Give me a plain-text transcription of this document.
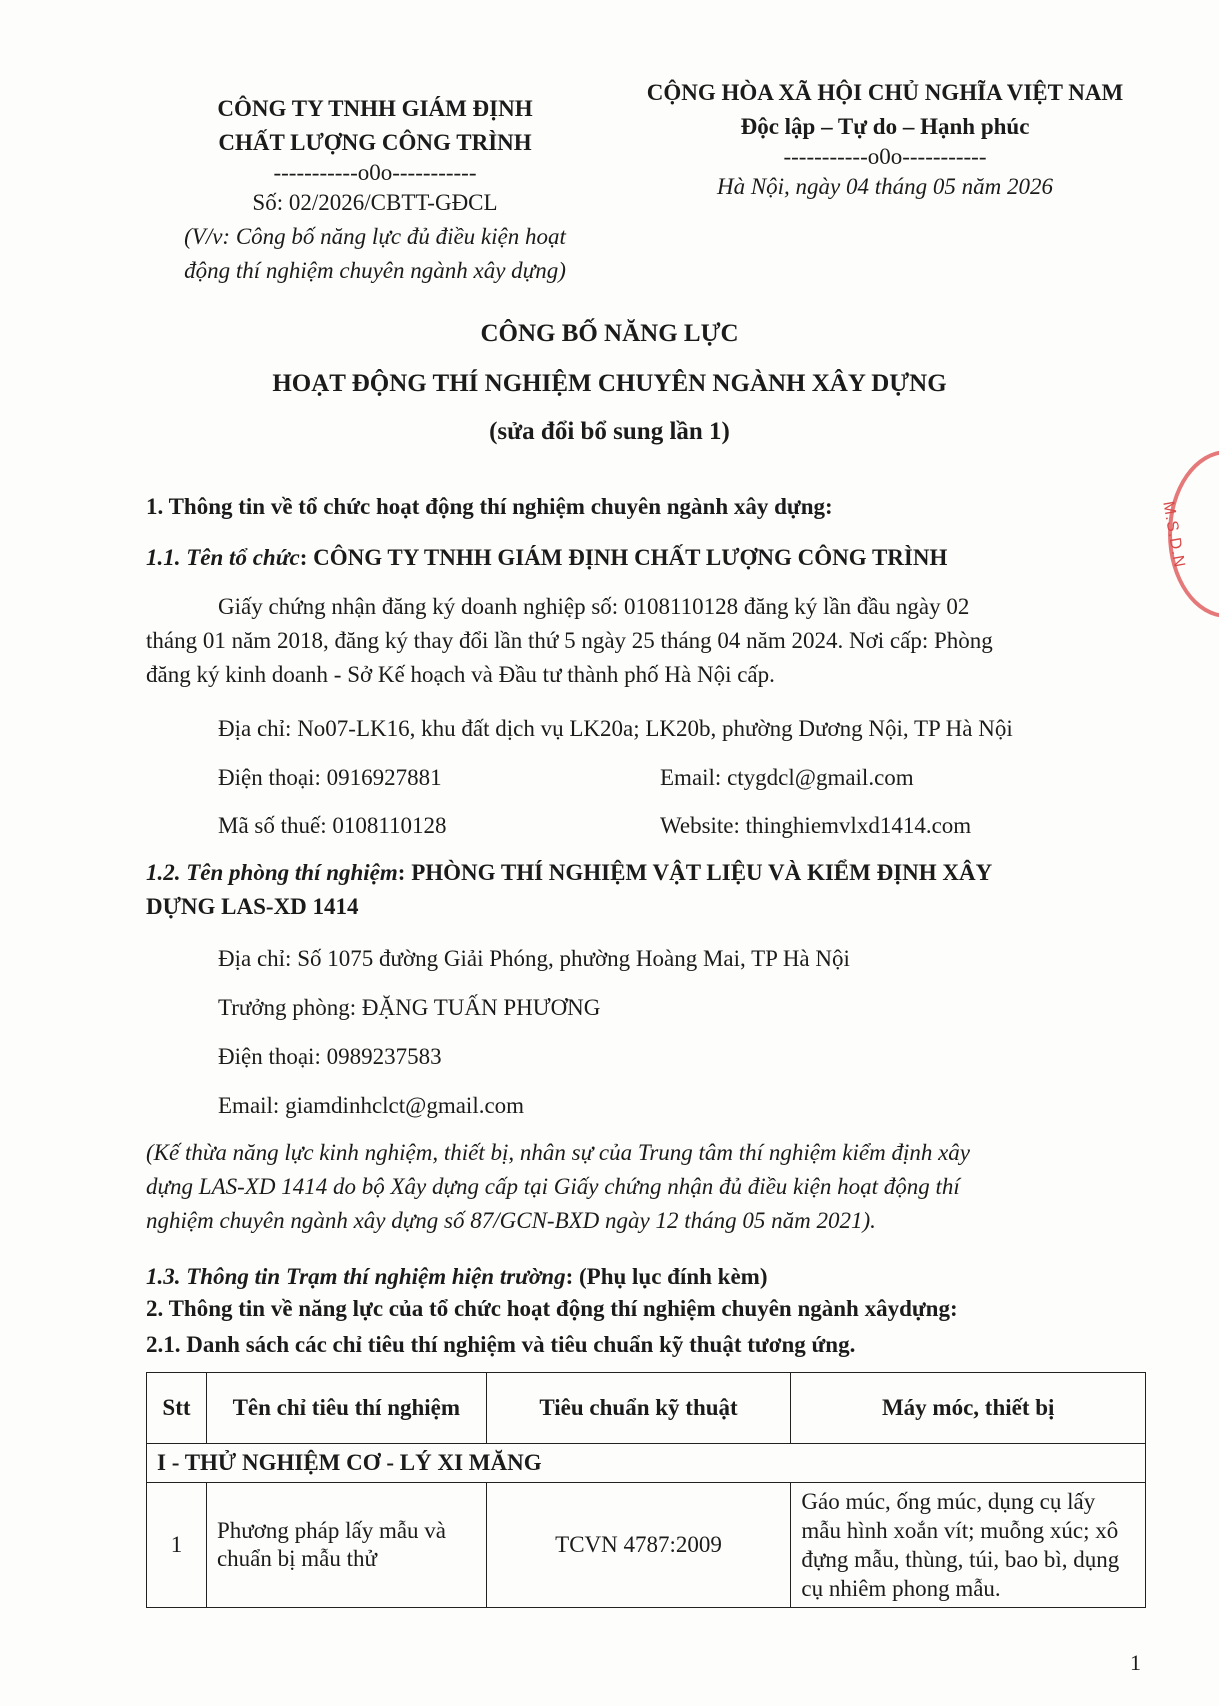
CÔNG TY TNHH GIÁM ĐỊNH
CHẤT LƯỢNG CÔNG TRÌNH
-----------o0o-----------
Số: 02/2026/CBTT-GĐCL
(V/v: Công bố năng lực đủ điều kiện hoạt
động thí nghiệm chuyên ngành xây dựng)
CỘNG HÒA XÃ HỘI CHỦ NGHĨA VIỆT NAM
Độc lập – Tự do – Hạnh phúc
-----------o0o-----------
Hà Nội, ngày 04 tháng 05 năm 2026
CÔNG BỐ NĂNG LỰC
HOẠT ĐỘNG THÍ NGHIỆM CHUYÊN NGÀNH XÂY DỰNG
(sửa đổi bổ sung lần 1)
1. Thông tin về tổ chức hoạt động thí nghiệm chuyên ngành xây dựng:
1.1. Tên tổ chức: CÔNG TY TNHH GIÁM ĐỊNH CHẤT LƯỢNG CÔNG TRÌNH
Giấy chứng nhận đăng ký doanh nghiệp số: 0108110128 đăng ký lần đầu ngày 02
tháng 01 năm 2018, đăng ký thay đổi lần thứ 5 ngày 25 tháng 04 năm 2024. Nơi cấp: Phòng
đăng ký kinh doanh - Sở Kế hoạch và Đầu tư thành phố Hà Nội cấp.
Địa chỉ: No07-LK16, khu đất dịch vụ LK20a; LK20b, phường Dương Nội, TP Hà Nội
Điện thoại: 0916927881	Email: ctygdcl@gmail.com
Mã số thuế: 0108110128	Website: thinghiemvlxd1414.com
1.2. Tên phòng thí nghiệm: PHÒNG THÍ NGHIỆM VẬT LIỆU VÀ KIỂM ĐỊNH XÂY
DỰNG LAS-XD 1414
Địa chỉ: Số 1075 đường Giải Phóng, phường Hoàng Mai, TP Hà Nội
Trưởng phòng: ĐẶNG TUẤN PHƯƠNG
Điện thoại: 0989237583
Email: giamdinhclct@gmail.com
(Kế thừa năng lực kinh nghiệm, thiết bị, nhân sự của Trung tâm thí nghiệm kiểm định xây
dựng LAS-XD 1414 do bộ Xây dựng cấp tại Giấy chứng nhận đủ điều kiện hoạt động thí
nghiệm chuyên ngành xây dựng số 87/GCN-BXD ngày 12 tháng 05 năm 2021).
1.3. Thông tin Trạm thí nghiệm hiện trường: (Phụ lục đính kèm)
2. Thông tin về năng lực của tổ chức hoạt động thí nghiệm chuyên ngành xâydựng:
2.1. Danh sách các chỉ tiêu thí nghiệm và tiêu chuẩn kỹ thuật tương ứng.
Stt	Tên chỉ tiêu thí nghiệm	Tiêu chuẩn kỹ thuật	Máy móc, thiết bị
I - THỬ NGHIỆM CƠ - LÝ XI MĂNG			
1	Phương pháp lấy mẫu và chuẩn bị mẫu thử	TCVN 4787:2009	Gáo múc, ống múc, dụng cụ lấy mẫu hình xoắn vít; muỗng xúc; xô đựng mẫu, thùng, túi, bao bì, dụng cụ nhiêm phong mẫu.
M.S.D.N
1
